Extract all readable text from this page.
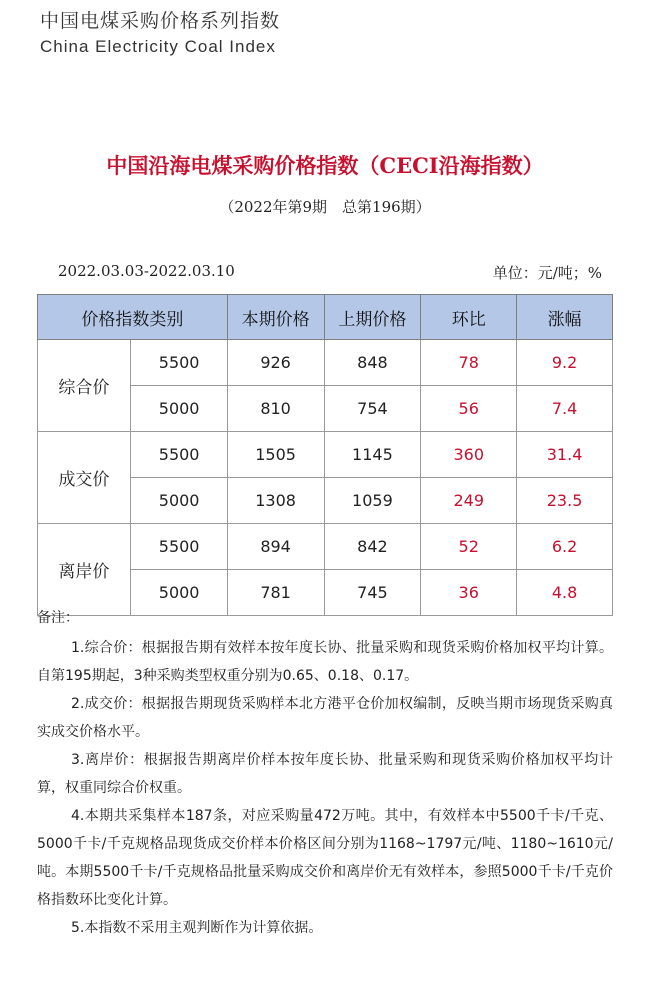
中国电煤采购价格系列指数
China Electricity Coal Index
中国沿海电煤采购价格指数（CECI沿海指数）
（2022年第9期　总第196期）
2022.03.03-2022.03.10	单位：元/吨；%
价格指数类别		本期价格	上期价格	环比	涨幅
综合价	5500	926	848	78	9.2
	5000	810	754	56	7.4
成交价	5500	1505	1145	360	31.4
	5000	1308	1059	249	23.5
离岸价	5500	894	842	52	6.2
	5000	781	745	36	4.8
备注：

1.综合价：根据报告期有效样本按年度长协、批量采购和现货采购价格加权平均计算。自第195期起，3种采购类型权重分别为0.65、0.18、0.17。

2.成交价：根据报告期现货采购样本北方港平仓价加权编制，反映当期市场现货采购真实成交价格水平。

3.离岸价：根据报告期离岸价样本按年度长协、批量采购和现货采购价格加权平均计算，权重同综合价权重。

4.本期共采集样本187条，对应采购量472万吨。其中，有效样本中5500千卡/千克、5000千卡/千克规格品现货成交价样本价格区间分别为1168~1797元/吨、1180~1610元/吨。本期5500千卡/千克规格品批量采购成交价和离岸价无有效样本，参照5000千卡/千克价格指数环比变化计算。

5.本指数不采用主观判断作为计算依据。
